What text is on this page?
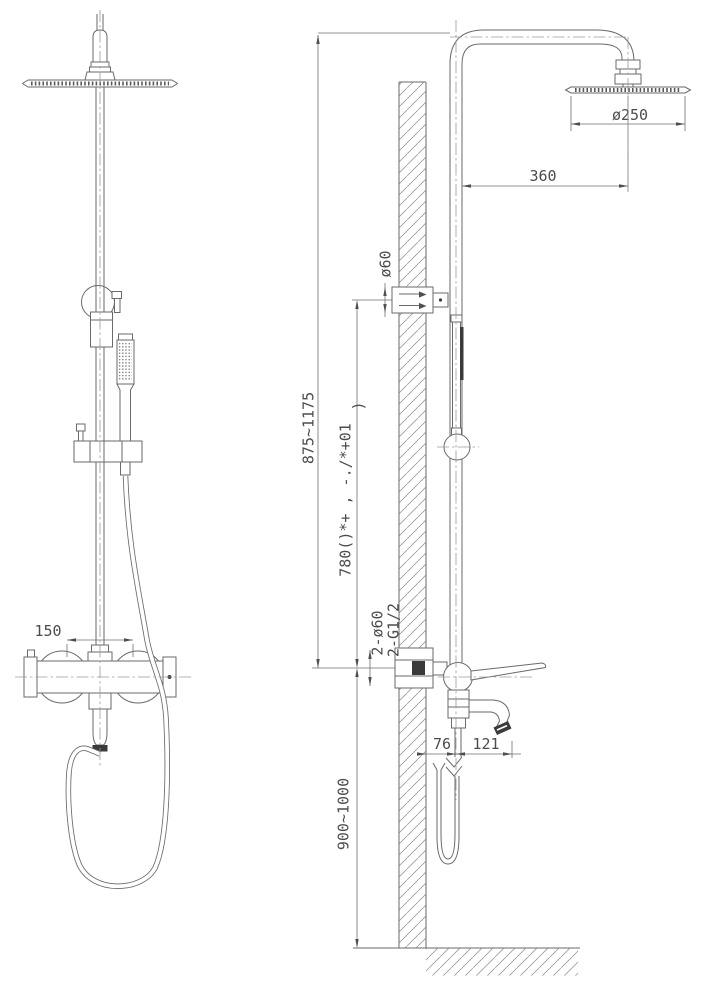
ø250
360
ø60
875~1175 780()*+ , -./*+01
)
2-ø60
2-G1/2
76 121
900~1000
150
